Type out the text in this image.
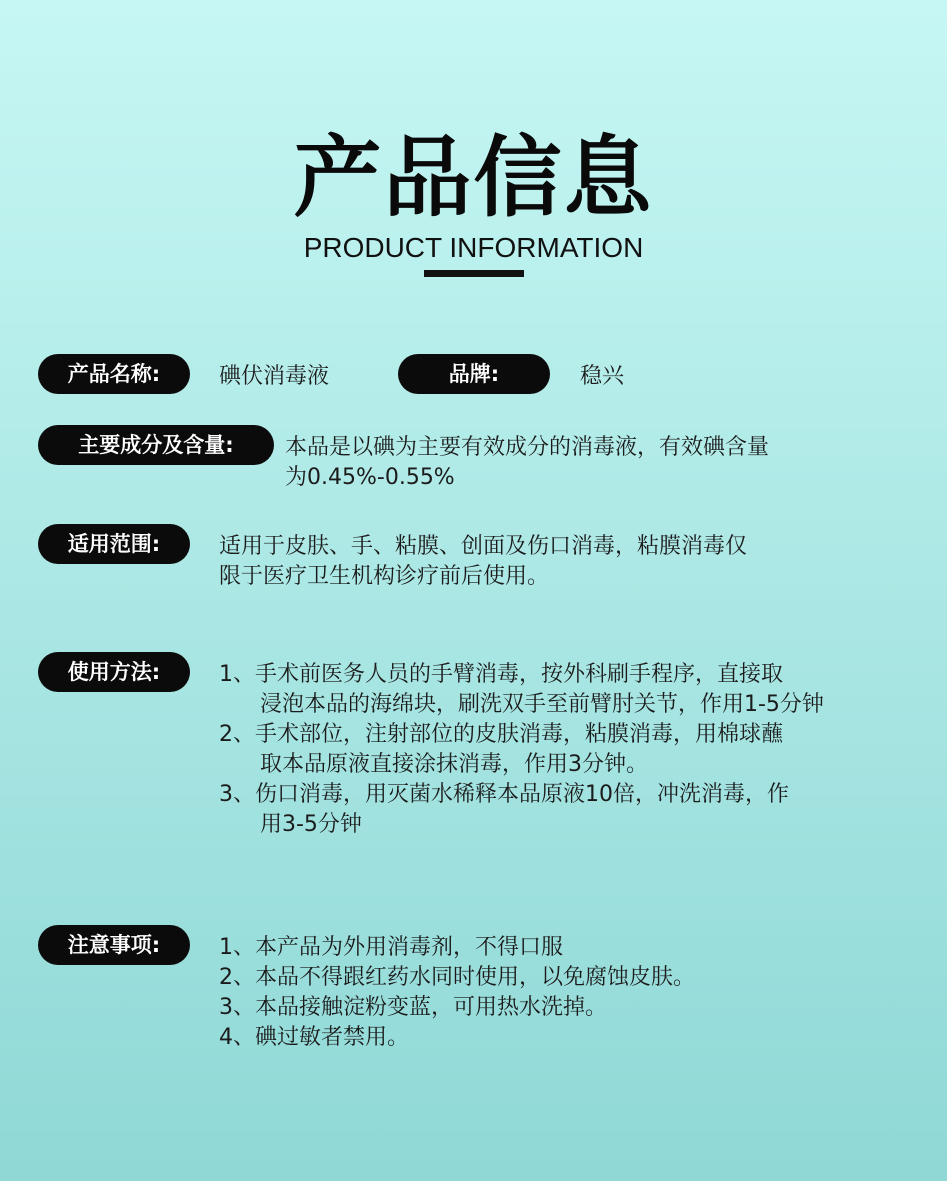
产品信息
PRODUCT INFORMATION
产品名称:	碘伏消毒液	品牌:	稳兴
主要成分及含量:	本品是以碘为主要有效成分的消毒液，有效碘含量
为0.45%-0.55%
适用范围:	适用于皮肤、手、粘膜、创面及伤口消毒，粘膜消毒仅
限于医疗卫生机构诊疗前后使用。
使用方法:	1、手术前医务人员的手臂消毒，按外科刷手程序，直接取
浸泡本品的海绵块，刷洗双手至前臂肘关节，作用1-5分钟
2、手术部位，注射部位的皮肤消毒，粘膜消毒，用棉球蘸
取本品原液直接涂抹消毒，作用3分钟。
3、伤口消毒，用灭菌水稀释本品原液10倍，冲洗消毒，作
用3-5分钟
注意事项:	1、本产品为外用消毒剂，不得口服
2、本品不得跟红药水同时使用，以免腐蚀皮肤。
3、本品接触淀粉变蓝，可用热水洗掉。
4、碘过敏者禁用。
